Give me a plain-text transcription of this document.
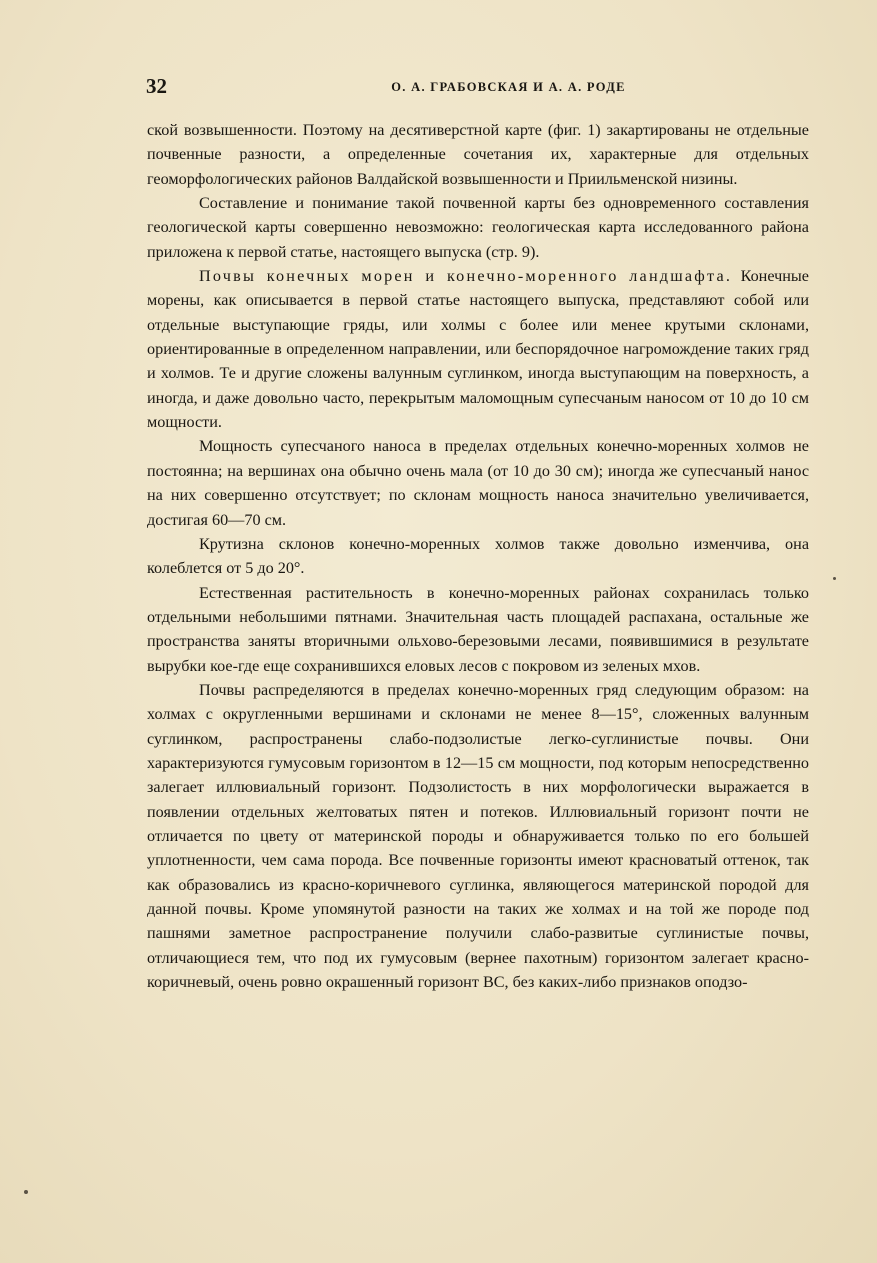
32	О. А. ГРАБОВСКАЯ И А. А. РОДЕ

ской возвышенности. Поэтому на десятиверстной карте (фиг. 1) закартированы не отдельные почвенные разности, а определенные сочетания их, характерные для отдельных геоморфологических районов Валдайской возвышенности и Приильменской низины.

Составление и понимание такой почвенной карты без одновременного составления геологической карты совершенно невозможно: геологическая карта исследованного района приложена к первой статье, настоящего выпуска (стр. 9).

Почвы конечных морен и конечно-моренного ландшафта. Конечные морены, как описывается в первой статье настоящего выпуска, представляют собой или отдельные выступающие гряды, или холмы с более или менее крутыми склонами, ориентированные в определенном направлении, или беспорядочное нагромождение таких гряд и холмов. Те и другие сложены валунным суглинком, иногда выступающим на поверхность, а иногда, и даже довольно часто, перекрытым маломощным супесчаным наносом от 10 до 10 см мощности.

Мощность супесчаного наноса в пределах отдельных конечно-моренных холмов не постоянна; на вершинах она обычно очень мала (от 10 до 30 см); иногда же супесчаный нанос на них совершенно отсутствует; по склонам мощность наноса значительно увеличивается, достигая 60—70 см.

Крутизна склонов конечно-моренных холмов также довольно изменчива, она колеблется от 5 до 20°.

Естественная растительность в конечно-моренных районах сохранилась только отдельными небольшими пятнами. Значительная часть площадей распахана, остальные же пространства заняты вторичными ольхово-березовыми лесами, появившимися в результате вырубки кое-где еще сохранившихся еловых лесов с покровом из зеленых мхов.

Почвы распределяются в пределах конечно-моренных гряд следующим образом: на холмах с округленными вершинами и склонами не менее 8—15°, сложенных валунным суглинком, распространены слабо-подзолистые легко-суглинистые почвы. Они характеризуются гумусовым горизонтом в 12—15 см мощности, под которым непосредственно залегает иллювиальный горизонт. Подзолистость в них морфологически выражается в появлении отдельных желтоватых пятен и потеков. Иллювиальный горизонт почти не отличается по цвету от материнской породы и обнаруживается только по его большей уплотненности, чем сама порода. Все почвенные горизонты имеют красноватый оттенок, так как образовались из красно-коричневого суглинка, являющегося материнской породой для данной почвы. Кроме упомянутой разности на таких же холмах и на той же породе под пашнями заметное распространение получили слабо-развитые суглинистые почвы, отличающиеся тем, что под их гумусовым (вернее пахотным) горизонтом залегает красно-коричневый, очень ровно окрашенный горизонт ВС, без каких-либо признаков оподзо-
